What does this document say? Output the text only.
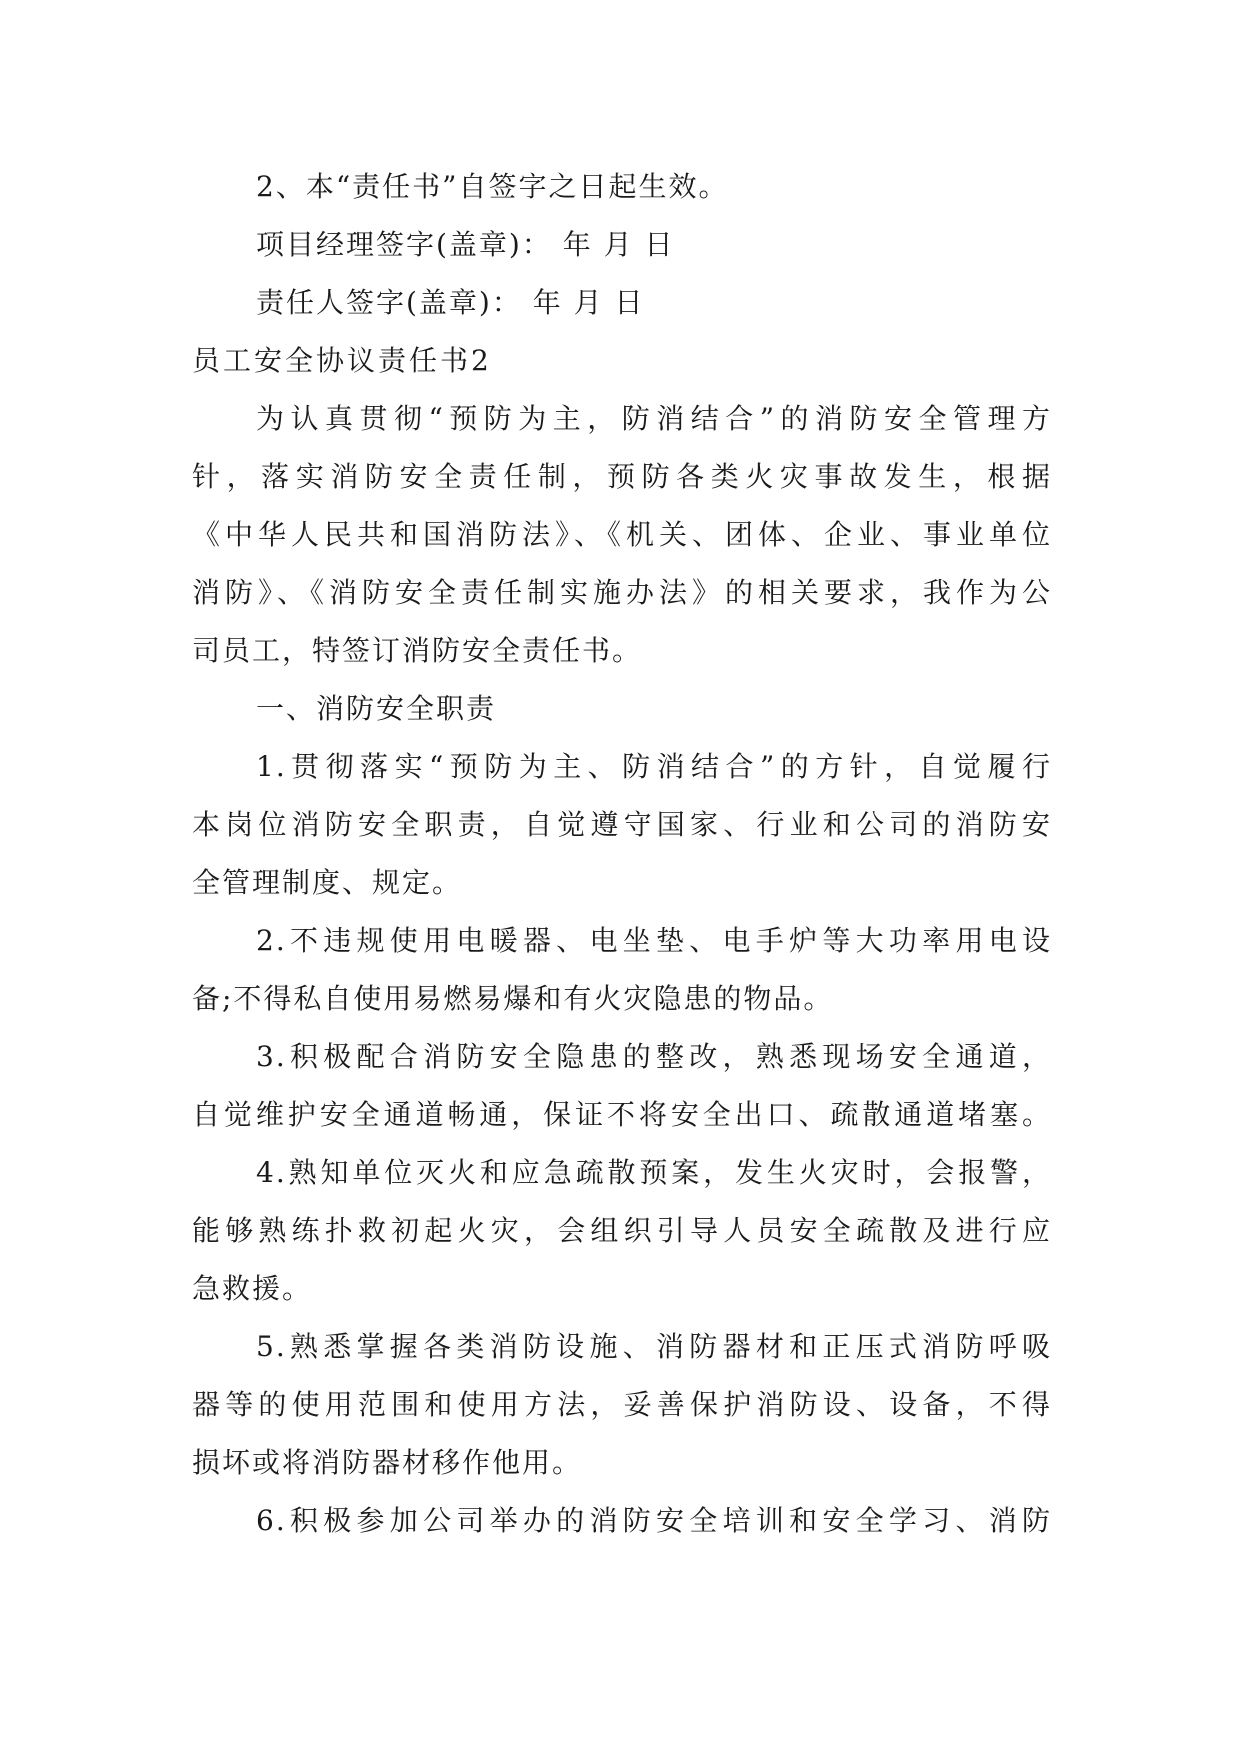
2、本“责任书”自签字之日起生效。
项目经理签字(盖章)： 年 月 日
责任人签字(盖章)： 年 月 日
员工安全协议责任书2
为认真贯彻“预防为主，防消结合”的消防安全管理方
针，落实消防安全责任制，预防各类火灾事故发生，根据
《中华人民共和国消防法》、《机关、团体、企业、事业单位
消防》、《消防安全责任制实施办法》的相关要求，我作为公
司员工，特签订消防安全责任书。
一、消防安全职责
1.贯彻落实“预防为主、防消结合”的方针，自觉履行
本岗位消防安全职责，自觉遵守国家、行业和公司的消防安
全管理制度、规定。
2.不违规使用电暖器、电坐垫、电手炉等大功率用电设
备;不得私自使用易燃易爆和有火灾隐患的物品。
3.积极配合消防安全隐患的整改，熟悉现场安全通道，
自觉维护安全通道畅通，保证不将安全出口、疏散通道堵塞。
4.熟知单位灭火和应急疏散预案，发生火灾时，会报警，
能够熟练扑救初起火灾，会组织引导人员安全疏散及进行应
急救援。
5.熟悉掌握各类消防设施、消防器材和正压式消防呼吸
器等的使用范围和使用方法，妥善保护消防设、设备，不得
损坏或将消防器材移作他用。
6.积极参加公司举办的消防安全培训和安全学习、消防
